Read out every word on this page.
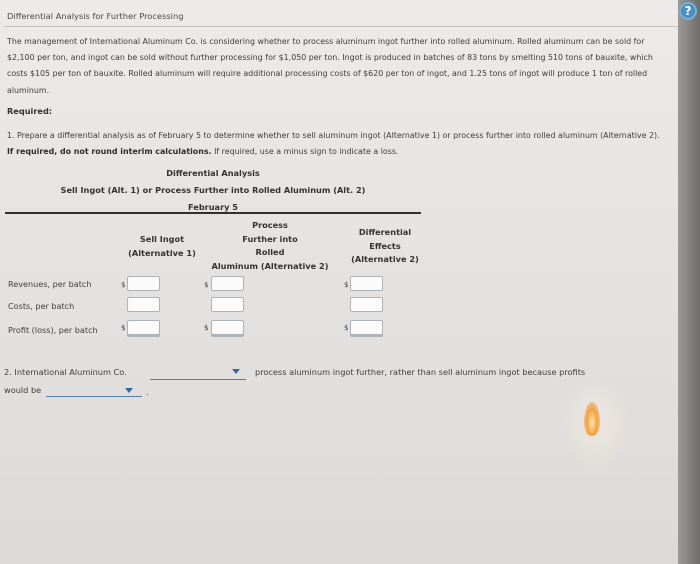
Differential Analysis for Further Processing
The management of International Aluminum Co. is considering whether to process aluminum ingot further into rolled aluminum. Rolled aluminum can be sold for $2,100 per ton, and ingot can be sold without further processing for $1,050 per ton. Ingot is produced in batches of 83 tons by smelting 510 tons of bauxite, which costs $105 per ton of bauxite. Rolled aluminum will require additional processing costs of $620 per ton of ingot, and 1.25 tons of ingot will produce 1 ton of rolled aluminum.
Required:
1. Prepare a differential analysis as of February 5 to determine whether to sell aluminum ingot (Alternative 1) or process further into rolled aluminum (Alternative 2). If required, do not round interim calculations. If required, use a minus sign to indicate a loss.
Differential Analysis
Sell Ingot (Alt. 1) or Process Further into Rolled Aluminum (Alt. 2)
February 5
Sell Ingot
(Alternative 1)
Process
Further into
Rolled
Aluminum (Alternative 2)
Differential
Effects
(Alternative 2)
Revenues, per batch
Costs, per batch
Profit (loss), per batch
$
$
$
$
$
$
2. International Aluminum Co.	process aluminum ingot further, rather than sell aluminum ingot because profits
would be	.
?
